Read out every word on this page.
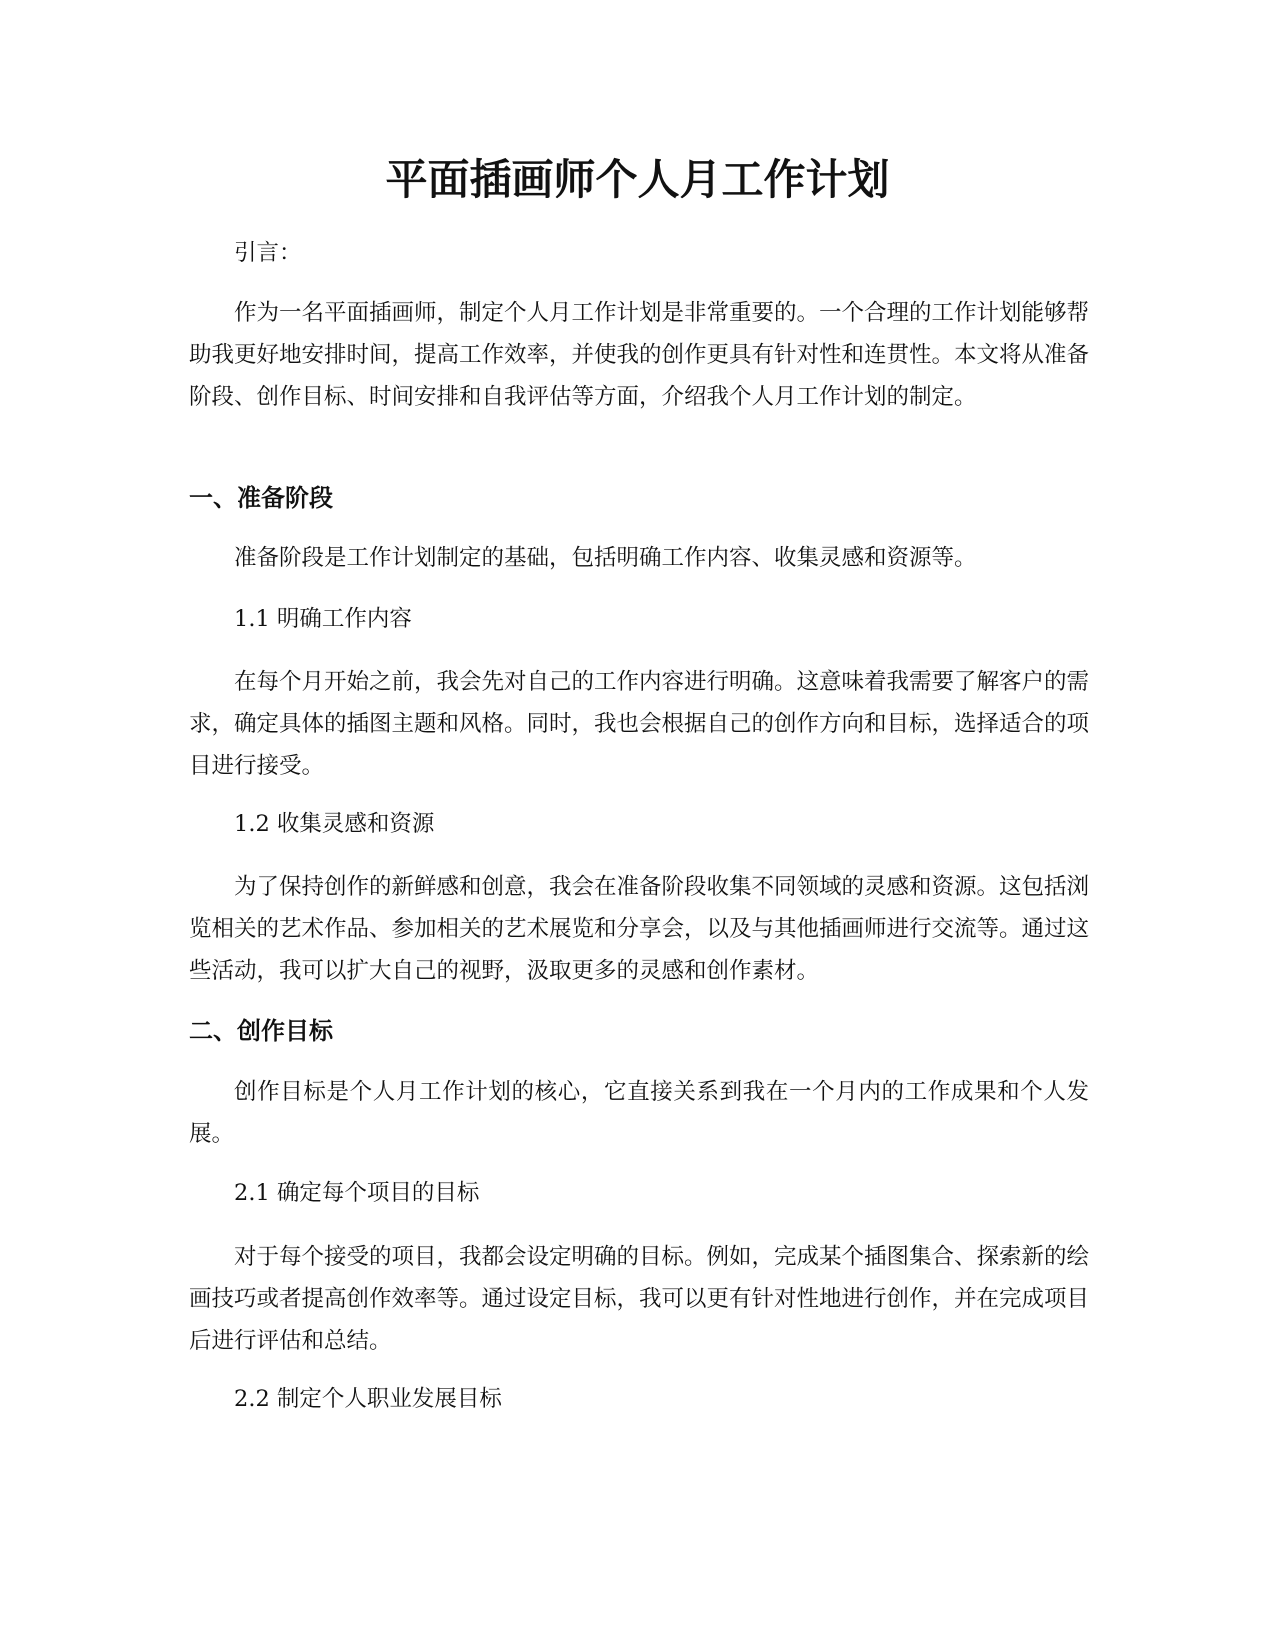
平面插画师个人月工作计划

引言：

作为一名平面插画师，制定个人月工作计划是非常重要的。一个合理的工作计划能够帮助我更好地安排时间，提高工作效率，并使我的创作更具有针对性和连贯性。本文将从准备阶段、创作目标、时间安排和自我评估等方面，介绍我个人月工作计划的制定。

一、准备阶段

准备阶段是工作计划制定的基础，包括明确工作内容、收集灵感和资源等。

1.1 明确工作内容

在每个月开始之前，我会先对自己的工作内容进行明确。这意味着我需要了解客户的需求，确定具体的插图主题和风格。同时，我也会根据自己的创作方向和目标，选择适合的项目进行接受。

1.2 收集灵感和资源

为了保持创作的新鲜感和创意，我会在准备阶段收集不同领域的灵感和资源。这包括浏览相关的艺术作品、参加相关的艺术展览和分享会，以及与其他插画师进行交流等。通过这些活动，我可以扩大自己的视野，汲取更多的灵感和创作素材。

二、创作目标

创作目标是个人月工作计划的核心，它直接关系到我在一个月内的工作成果和个人发展。

2.1 确定每个项目的目标

对于每个接受的项目，我都会设定明确的目标。例如，完成某个插图集合、探索新的绘画技巧或者提高创作效率等。通过设定目标，我可以更有针对性地进行创作，并在完成项目后进行评估和总结。

2.2 制定个人职业发展目标
